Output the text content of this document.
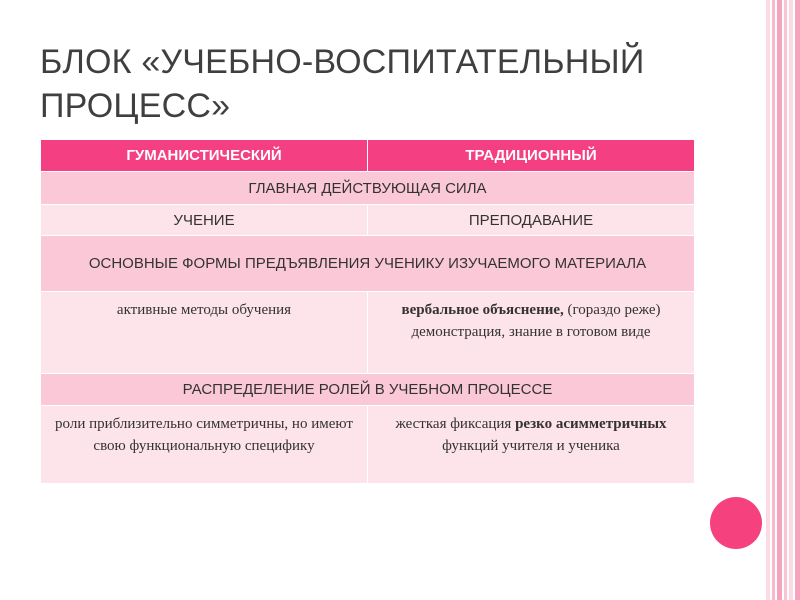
БЛОК «УЧЕБНО-ВОСПИТАТЕЛЬНЫЙ
ПРОЦЕСС»
ГУМАНИСТИЧЕСКИЙ	ТРАДИЦИОННЫЙ
ГЛАВНАЯ ДЕЙСТВУЮЩАЯ СИЛА	
УЧЕНИЕ	ПРЕПОДАВАНИЕ
ОСНОВНЫЕ ФОРМЫ ПРЕДЪЯВЛЕНИЯ УЧЕНИКУ ИЗУЧАЕМОГО МАТЕРИАЛА	
активные методы обучения	вербальное объяснение, (гораздо реже) демонстрация, знание в готовом виде
РАСПРЕДЕЛЕНИЕ РОЛЕЙ В УЧЕБНОМ ПРОЦЕССЕ	
роли приблизительно симметричны, но имеют свою функциональную специфику	жесткая фиксация резко асимметричных функций учителя и ученика
